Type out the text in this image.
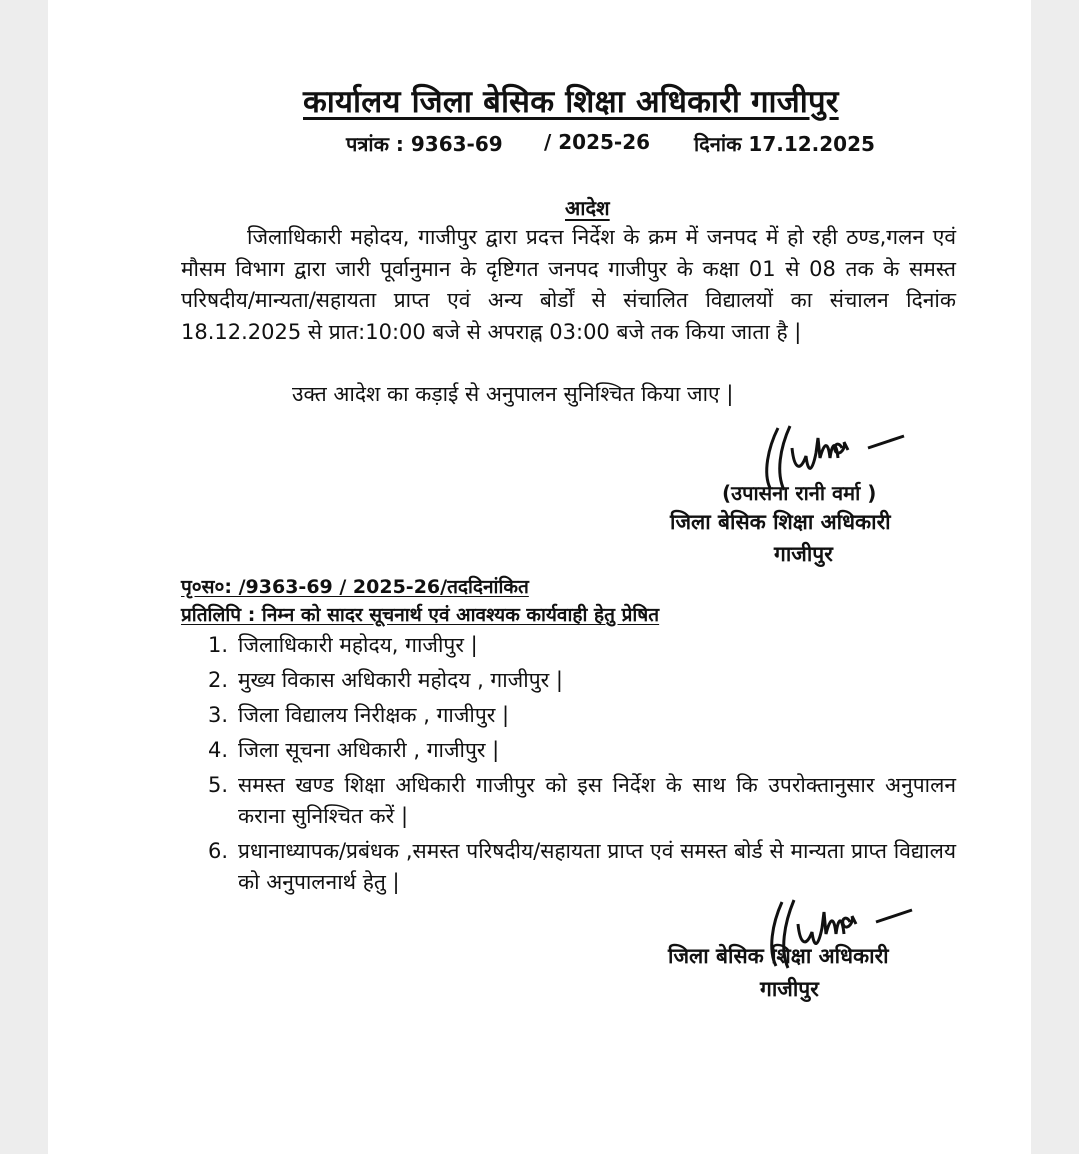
कार्यालय जिला बेसिक शिक्षा अधिकारी गाजीपुर
पत्रांक : 9363-69 / 2025-26 दिनांक 17.12.2025
आदेश
जिलाधिकारी महोदय, गाजीपुर द्वारा प्रदत्त निर्देश के क्रम में जनपद में हो रही ठण्ड,गलन एवं मौसम विभाग द्वारा जारी पूर्वानुमान के दृष्टिगत जनपद गाजीपुर के कक्षा 01 से 08 तक के समस्त परिषदीय/मान्यता/सहायता प्राप्त एवं अन्य बोर्डों से संचालित विद्यालयों का संचालन दिनांक 18.12.2025 से प्रात:10:00 बजे से अपराह्न 03:00 बजे तक किया जाता है |
उक्त आदेश का कड़ाई से अनुपालन सुनिश्चित किया जाए |
Uma
(उपासना रानी वर्मा )
जिला बेसिक शिक्षा अधिकारी
गाजीपुर
पृ०स०: /9363-69 / 2025-26/तददिनांकित
प्रतिलिपि : निम्न को सादर सूचनार्थ एवं आवश्यक कार्यवाही हेतु प्रेषित
1. जिलाधिकारी महोदय, गाजीपुर |
2. मुख्य विकास अधिकारी महोदय , गाजीपुर |
3. जिला विद्यालय निरीक्षक , गाजीपुर |
4. जिला सूचना अधिकारी , गाजीपुर |
5. समस्त खण्ड शिक्षा अधिकारी गाजीपुर को इस निर्देश के साथ कि उपरोक्तानुसार अनुपालन कराना सुनिश्चित करें |
6. प्रधानाध्यापक/प्रबंधक ,समस्त परिषदीय/सहायता प्राप्त एवं समस्त बोर्ड से मान्यता प्राप्त विद्यालय को अनुपालनार्थ हेतु |
जिला बेसिक शिक्षा अधिकारी
गाजीपुर
